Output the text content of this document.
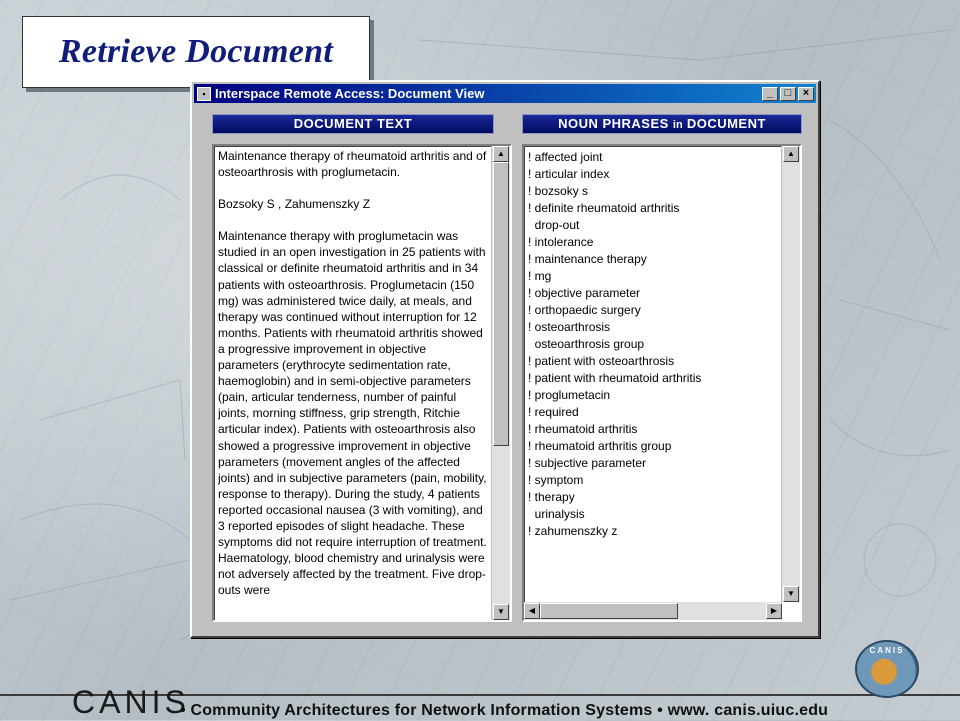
Retrieve Document
▪ Interspace Remote Access: Document View	_	□	×
DOCUMENT TEXT	NOUN PHRASES in DOCUMENT

Maintenance therapy of rheumatoid arthritis and of osteoarthrosis with proglumetacin.

Bozsoky S , Zahumenszky Z

Maintenance therapy with proglumetacin was studied in an open investigation in 25 patients with classical or definite rheumatoid arthritis and in 34 patients with osteoarthrosis. Proglumetacin (150 mg) was administered twice daily, at meals, and therapy was continued without interruption for 12 months. Patients with rheumatoid arthritis showed a progressive improvement in objective parameters (erythrocyte sedimentation rate, haemoglobin) and in semi-objective parameters (pain, articular tenderness, number of painful joints, morning stiffness, grip strength, Ritchie articular index). Patients with osteoarthrosis also showed a progressive improvement in objective parameters (movement angles of the affected joints) and in subjective parameters (pain, mobility, response to therapy). During the study, 4 patients reported occasional nausea (3 with vomiting), and 3 reported episodes of slight headache. These symptoms did not require interruption of treatment. Haematology, blood chemistry and urinalysis were not adversely affected by the treatment. Five drop-outs were

▲
▼
! affected joint
! articular index
! bozsoky s
! definite rheumatoid arthritis
drop-out
! intolerance
! maintenance therapy
! mg
! objective parameter
! orthopaedic surgery
! osteoarthrosis
osteoarthrosis group
! patient with osteoarthrosis
! patient with rheumatoid arthritis
! proglumetacin
! required
! rheumatoid arthritis
! rheumatoid arthritis group
! subjective parameter
! symptom
! therapy
urinalysis
! zahumenszky z
▲
▼
◀	▶
CANIS
• Community Architectures for Network Information Systems • www. canis.uiuc.edu
CANIS
